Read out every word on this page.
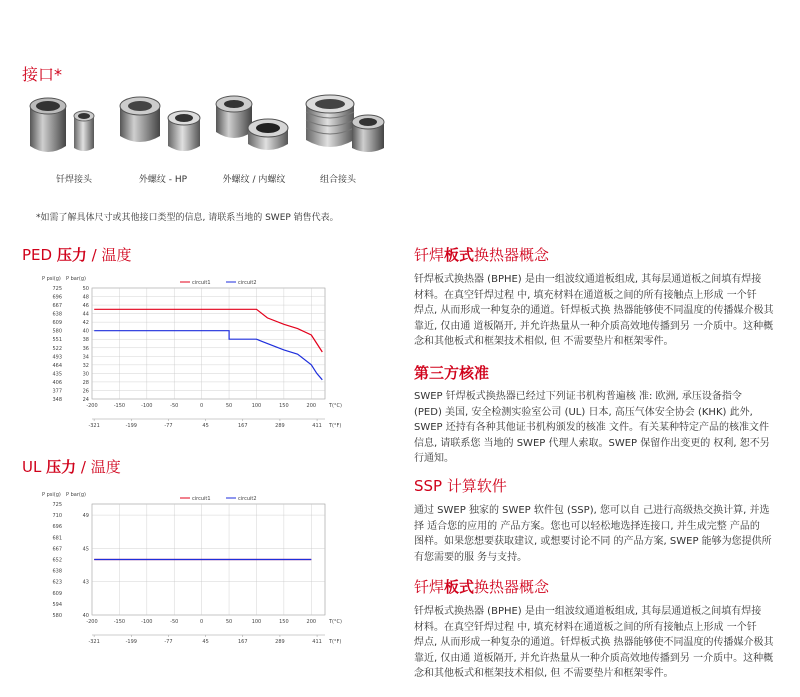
接口*
钎焊接头	外螺纹 - HP	外螺纹 / 内螺纹	组合接头
*如需了解具体尺寸或其他接口类型的信息, 请联系当地的 SWEP 销售代表。
PED 压力 / 温度
P psi(g) P bar(g)
circuit1	circuit2
24
26
28
30
32
34
36
38
40
42
44
46
48
50
348
377
406
435
464
493
522
551
580
609
638
667
696
725
-200	-150	-100	-50	0	50	100	150	200	T(°C)
-321	-199	-77	45	167	289	411 T(°F)
UL 压力 / 温度
P psi(g) P bar(g)
circuit1	circuit2
40
43
45
49
580
594
609
623
638
652
667
681
696
710
725
-200	-150	-100	-50	0	50	100	150	200	T(°C)
-321	-199	-77	45	167	289	411 T(°F)
钎焊板式换热器概念

钎焊板式换热器 (BPHE) 是由一组波纹通道板组成, 其每层通道板之间填有焊接

材料。在真空钎焊过程 中, 填充材料在通道板之间的所有接触点上形成 一个钎

焊点, 从而形成一种复杂的通道。钎焊板式换 热器能够使不同温度的传播媒介极其

靠近, 仅由通 道板隔开, 并允许热量从一种介质高效地传播到另 一介质中。这种概

念和其他板式和框架技术相似, 但 不需要垫片和框架零件。

第三方核准

SWEP 钎焊板式换热器已经过下列证书机构普遍核 准: 欧洲, 承压设备指令

(PED) 美国, 安全检测实验室公司 (UL) 日本, 高压气体安全协会 (KHK) 此外,

SWEP 还持有各种其他证书机构颁发的核准 文件。有关某种特定产品的核准文件

信息, 请联系您 当地的 SWEP 代理人索取。SWEP 保留作出变更的 权利, 恕不另

行通知。

SSP 计算软件

通过 SWEP 独家的 SWEP 软件包 (SSP), 您可以自 己进行高级热交换计算, 并选

择 适合您的应用的 产品方案。您也可以轻松地选择连接口, 并生成完整 产品的

图样。如果您想要获取建议, 或想要讨论不同 的产品方案, SWEP 能够为您提供所

有您需要的服 务与支持。

钎焊板式换热器概念

钎焊板式换热器 (BPHE) 是由一组波纹通道板组成, 其每层通道板之间填有焊接

材料。在真空钎焊过程 中, 填充材料在通道板之间的所有接触点上形成 一个钎

焊点, 从而形成一种复杂的通道。钎焊板式换 热器能够使不同温度的传播媒介极其

靠近, 仅由通 道板隔开, 并允许热量从一种介质高效地传播到另 一介质中。这种概

念和其他板式和框架技术相似, 但 不需要垫片和框架零件。
